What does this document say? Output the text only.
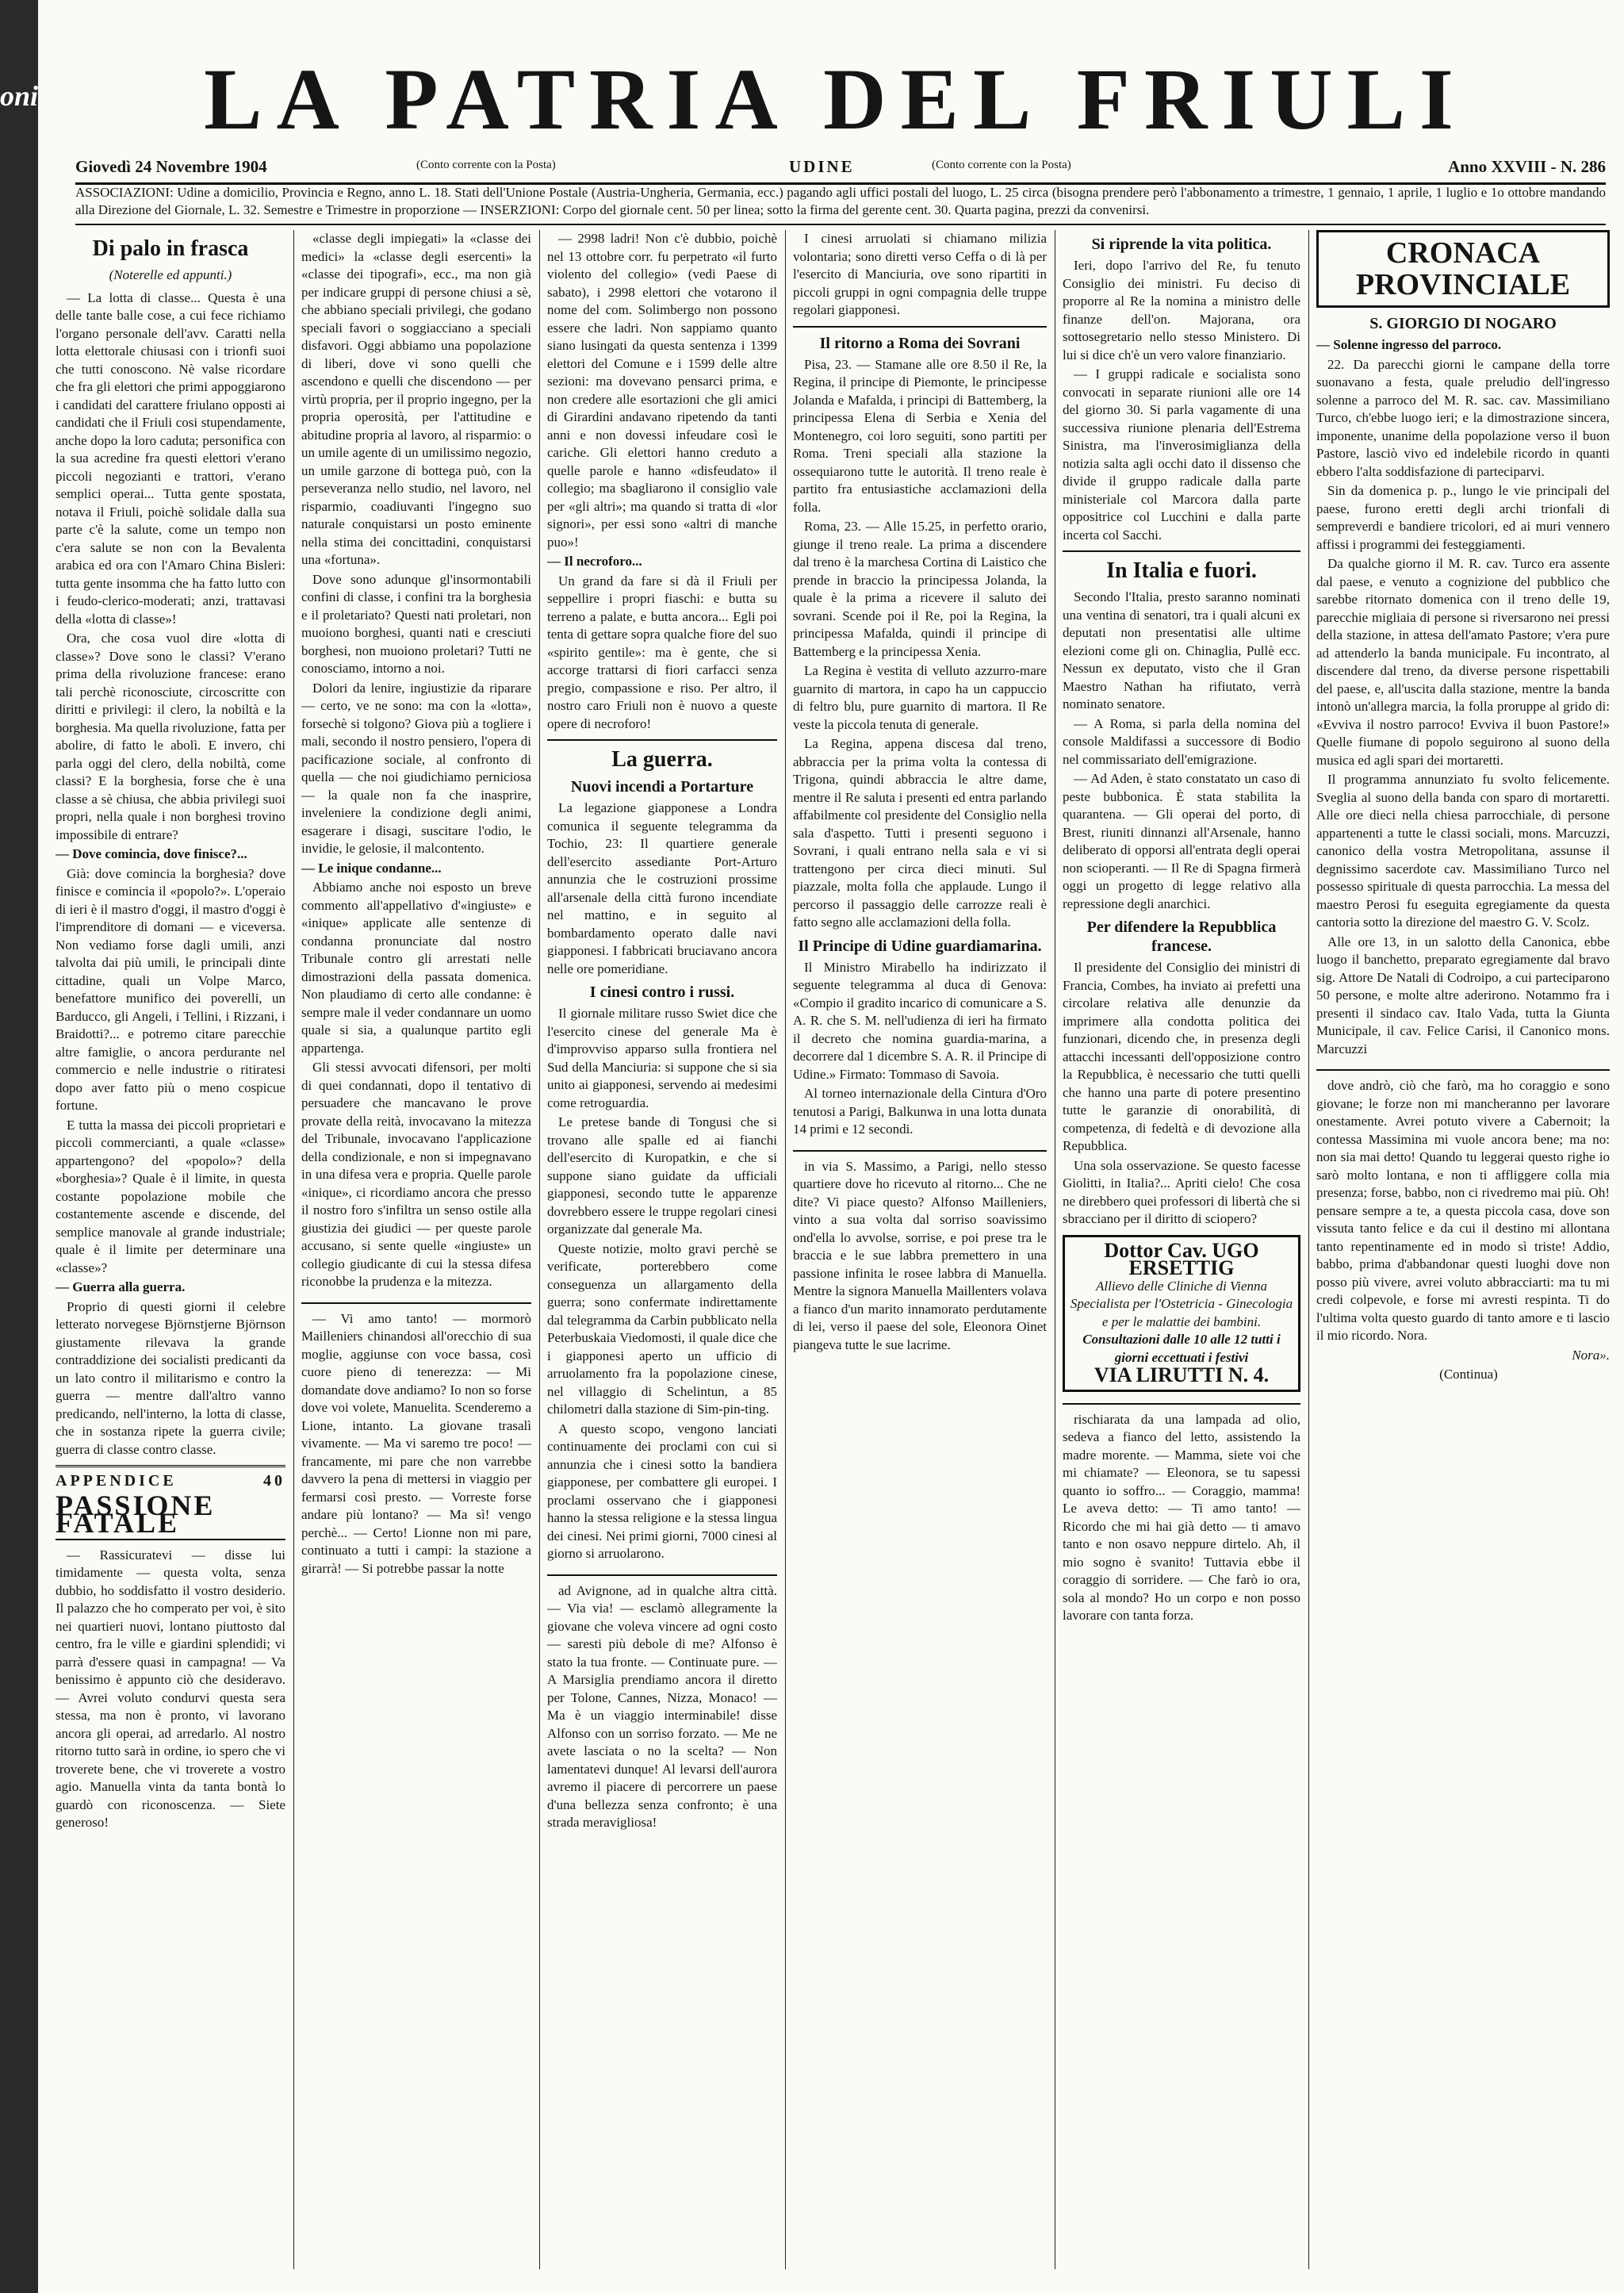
oni	LA PATRIA DEL FRIULI
Giovedì 24 Novembre 1904	(Conto corrente con la Posta)	UDINE	(Conto corrente con la Posta)	Anno XXVIII - N. 286
ASSOCIAZIONI: Udine a domicilio, Provincia e Regno, anno L. 18. Stati dell'Unione Postale (Austria-Ungheria, Germania, ecc.) pagando agli uffici postali del luogo, L. 25 circa (bisogna prendere però l'abbonamento a trimestre, 1 gennaio, 1 aprile, 1 luglio e 1o ottobre mandando alla Direzione del Giornale, L. 32. Semestre e Trimestre in proporzione — INSERZIONI: Corpo del giornale cent. 50 per linea; sotto la firma del gerente cent. 30. Quarta pagina, prezzi da convenirsi.
Di palo in frasca
(Noterelle ed appunti.)

— La lotta di classe... Questa è una delle tante balle cose, a cui fece richiamo l'organo personale dell'avv. Caratti nella lotta elettorale chiusasi con i trionfi suoi che tutti conoscono. Nè valse ricordare che fra gli elettori che primi appoggiarono i candidati del carattere friulano opposti ai candidati che il Friuli cosi stupendamente, anche dopo la loro caduta; personifica con la sua acredine fra questi elettori v'erano piccoli negozianti e trattori, v'erano semplici operai... Tutta gente spostata, notava il Friuli, poichè solidale dalla sua parte c'è la salute, come un tempo non c'era salute se non con la Bevalenta arabica ed ora con l'Amaro China Bisleri: tutta gente insomma che ha fatto lutto con i feudo-clerico-moderati; anzi, trattavasi della «lotta di classe»!

Ora, che cosa vuol dire «lotta di classe»? Dove sono le classi? V'erano prima della rivoluzione francese: erano tali perchè riconosciute, circoscritte con diritti e privilegi: il clero, la nobiltà e la borghesia. Ma quella rivoluzione, fatta per abolire, di fatto le abolì. E invero, chi parla oggi del clero, della nobiltà, come classi? E la borghesia, forse che è una classe a sè chiusa, che abbia privilegi suoi propri, nella quale i non borghesi trovino impossibile di entrare?

— Dove comincia, dove finisce?...

Già: dove comincia la borghesia? dove finisce e comincia il «popolo?». L'operaio di ieri è il mastro d'oggi, il mastro d'oggi è l'imprenditore di domani — e viceversa. Non vediamo forse dagli umili, anzi talvolta dai più umili, le principali dinte cittadine, quali un Volpe Marco, benefattore munifico dei poverelli, un Barducco, gli Angeli, i Tellini, i Rizzani, i Braidotti?... e potremo citare parecchie altre famiglie, o ancora perdurante nel commercio e nelle industrie o ritiratesi dopo aver fatto più o meno cospicue fortune.

E tutta la massa dei piccoli proprietari e piccoli commercianti, a quale «classe» appartengono? del «popolo»? della «borghesia»? Quale è il limite, in questa costante popolazione mobile che costantemente ascende e discende, del semplice manovale al grande industriale; quale è il limite per determinare una «classe»?

— Guerra alla guerra.

Proprio di questi giorni il celebre letterato norvegese Björnstjerne Björnson giustamente rilevava la grande contraddizione dei socialisti predicanti da un lato contro il militarismo e contro la guerra — mentre dall'altro vanno predicando, nell'interno, la lotta di classe, che in sostanza ripete la guerra civile; guerra di classe contro classe.

APPENDICE	40
PASSIONE FATALE

— Rassicuratevi — disse lui timidamente — questa volta, senza dubbio, ho soddisfatto il vostro desiderio. Il palazzo che ho comperato per voi, è sito nei quartieri nuovi, lontano piuttosto dal centro, fra le ville e giardini splendidi; vi parrà d'essere quasi in campagna! — Va benissimo è appunto ciò che desideravo. — Avrei voluto condurvi questa sera stessa, ma non è pronto, vi lavorano ancora gli operai, ad arredarlo. Al nostro ritorno tutto sarà in ordine, io spero che vi troverete bene, che vi troverete a vostro agio. Manuella vinta da tanta bontà lo guardò con riconoscenza. — Siete generoso!

«classe degli impiegati» la «classe dei medici» la «classe degli esercenti» la «classe dei tipografi», ecc., ma non già per indicare gruppi di persone chiusi a sè, che abbiano speciali privilegi, che godano speciali favori o soggiacciano a speciali disfavori. Oggi abbiamo una popolazione di liberi, dove vi sono quelli che ascendono e quelli che discendono — per virtù propria, per il proprio ingegno, per la propria operosità, per l'attitudine e abitudine propria al lavoro, al risparmio: o un umile agente di un umilissimo negozio, un umile garzone di bottega può, con la perseveranza nello studio, nel lavoro, nel risparmio, coadiuvanti l'ingegno suo naturale conquistarsi un posto eminente nella stima dei concittadini, conquistarsi una «fortuna».

Dove sono adunque gl'insormontabili confini di classe, i confini tra la borghesia e il proletariato? Questi nati proletari, non muoiono borghesi, quanti nati e cresciuti borghesi, non muoiono proletari? Tutti ne conosciamo, intorno a noi.

Dolori da lenire, ingiustizie da riparare — certo, ve ne sono: ma con la «lotta», forsechè si tolgono? Giova più a togliere i mali, secondo il nostro pensiero, l'opera di pacificazione sociale, al confronto di quella — che noi giudichiamo perniciosa — la quale non fa che inasprire, inveleniere la condizione degli animi, esagerare i disagi, suscitare l'odio, le invidie, le gelosie, il malcontento.

— Le inique condanne...

Abbiamo anche noi esposto un breve commento all'appellativo d'«ingiuste» e «inique» applicate alle sentenze di condanna pronunciate dal nostro Tribunale contro gli arrestati nelle dimostrazioni della passata domenica. Non plaudiamo di certo alle condanne: è sempre male il veder condannare un uomo quale si sia, a qualunque partito egli appartenga.

Gli stessi avvocati difensori, per molti di quei condannati, dopo il tentativo di persuadere che mancavano le prove provate della reità, invocavano la mitezza del Tribunale, invocavano l'applicazione della condizionale, e non si impegnavano in una difesa vera e propria. Quelle parole «inique», ci ricordiamo ancora che presso il nostro foro s'infiltra un senso ostile alla giustizia dei giudici — per queste parole accusano, si sente quelle «ingiuste» un collegio giudicante di cui la stessa difesa riconobbe la prudenza e la mitezza.

— Vi amo tanto! — mormorò Mailleniers chinandosi all'orecchio di sua moglie, aggiunse con voce bassa, così cuore pieno di tenerezza: — Mi domandate dove andiamo? Io non so forse dove voi volete, Manuelita. Scenderemo a Lione, intanto. La giovane trasalì vivamente. — Ma vi saremo tre poco! — francamente, mi pare che non varrebbe davvero la pena di mettersi in viaggio per fermarsi così presto. — Vorreste forse andare più lontano? — Ma sì! vengo perchè... — Certo! Lionne non mi pare, continuato a tutti i campi: la stazione a girarrà! — Si potrebbe passar la notte

— 2998 ladri! Non c'è dubbio, poichè nel 13 ottobre corr. fu perpetrato «il furto violento del collegio» (vedi Paese di sabato), i 2998 elettori che votarono il nome del com. Solimbergo non possono essere che ladri. Non sappiamo quanto siano lusingati da questa sentenza i 1399 elettori del Comune e i 1599 delle altre sezioni: ma dovevano pensarci prima, e non credere alle esortazioni che gli amici di Girardini andavano ripetendo da tanti anni e non dovessi infeudare così le cariche. Gli elettori hanno creduto a quelle parole e hanno «disfeudato» il collegio; ma sbagliarono il consiglio vale per «gli altri»; ma quando si tratta di «lor signori», per essi sono «altri di manche puo»!

— Il necroforo...

Un grand da fare si dà il Friuli per seppellire i propri fiaschi: e butta su terreno a palate, e butta ancora... Egli poi tenta di gettare sopra qualche fiore del suo «spirito gentile»: ma è gente, che si accorge trattarsi di fiori carfacci senza pregio, compassione e riso. Per altro, il nostro caro Friuli non è nuovo a queste opere di necroforo!

La guerra.
Nuovi incendi a Portarture

La legazione giapponese a Londra comunica il seguente telegramma da Tochio, 23: Il quartiere generale dell'esercito assediante Port-Arturo annunzia che le costruzioni prossime all'arsenale della città furono incendiate nel mattino, e in seguito al bombardamento operato dalle navi giapponesi. I fabbricati bruciavano ancora nelle ore pomeridiane.

I cinesi contro i russi.

Il giornale militare russo Swiet dice che l'esercito cinese del generale Ma è d'improvviso apparso sulla frontiera nel Sud della Manciuria: si suppone che si sia unito ai giapponesi, servendo ai medesimi come retroguardia.

Le pretese bande di Tongusi che si trovano alle spalle ed ai fianchi dell'esercito di Kuropatkin, e che si suppone siano guidate da ufficiali giapponesi, secondo tutte le apparenze dovrebbero essere le truppe regolari cinesi organizzate dal generale Ma.

Queste notizie, molto gravi perchè se verificate, porterebbero come conseguenza un allargamento della guerra; sono confermate indirettamente dal telegramma da Carbin pubblicato nella Peterbuskaia Viedomosti, il quale dice che i giapponesi aperto un ufficio di arruolamento fra la popolazione cinese, nel villaggio di Schelintun, a 85 chilometri dalla stazione di Sim-pin-ting.

A questo scopo, vengono lanciati continuamente dei proclami con cui si annunzia che i cinesi sotto la bandiera giapponese, per combattere gli europei. I proclami osservano che i giapponesi hanno la stessa religione e la stessa lingua dei cinesi. Nei primi giorni, 7000 cinesi al giorno si arruolarono.

ad Avignone, ad in qualche altra città. — Via via! — esclamò allegramente la giovane che voleva vincere ad ogni costo — saresti più debole di me? Alfonso è stato la tua fronte. — Continuate pure. — A Marsiglia prendiamo ancora il diretto per Tolone, Cannes, Nizza, Monaco! — Ma è un viaggio interminabile! disse Alfonso con un sorriso forzato. — Me ne avete lasciata o no la scelta? — Non lamentatevi dunque! Al levarsi dell'aurora avremo il piacere di percorrere un paese d'una bellezza senza confronto; è una strada meravigliosa!

I cinesi arruolati si chiamano milizia volontaria; sono diretti verso Ceffa o di là per l'esercito di Manciuria, ove sono ripartiti in piccoli gruppi in ogni compagnia delle truppe regolari giapponesi.

Il ritorno a Roma dei Sovrani

Pisa, 23. — Stamane alle ore 8.50 il Re, la Regina, il principe di Piemonte, le principesse Jolanda e Mafalda, i principi di Battemberg, la principessa Elena di Serbia e Xenia del Montenegro, coi loro seguiti, sono partiti per Roma. Treni speciali alla stazione la ossequiarono tutte le autorità. Il treno reale è partito fra entusiastiche acclamazioni della folla.

Roma, 23. — Alle 15.25, in perfetto orario, giunge il treno reale. La prima a discendere dal treno è la marchesa Cortina di Laistico che prende in braccio la principessa Jolanda, la quale è la prima a ricevere il saluto dei sovrani. Scende poi il Re, poi la Regina, la principessa Mafalda, quindi il principe di Battemberg e la principessa Xenia.

La Regina è vestita di velluto azzurro-mare guarnito di martora, in capo ha un cappuccio di feltro blu, pure guarnito di martora. Il Re veste la piccola tenuta di generale.

La Regina, appena discesa dal treno, abbraccia per la prima volta la contessa di Trigona, quindi abbraccia le altre dame, mentre il Re saluta i presenti ed entra parlando affabilmente col presidente del Consiglio nella sala d'aspetto. Tutti i presenti seguono i Sovrani, i quali entrano nella sala e vi si trattengono per circa dieci minuti. Sul piazzale, molta folla che applaude. Lungo il percorso il passaggio delle carrozze reali è fatto segno alle acclamazioni della folla.

Il Principe di Udine guardiamarina.

Il Ministro Mirabello ha indirizzato il seguente telegramma al duca di Genova: «Compio il gradito incarico di comunicare a S. A. R. che S. M. nell'udienza di ieri ha firmato il decreto che nomina guardia-marina, a decorrere dal 1 dicembre S. A. R. il Principe di Udine.» Firmato: Tommaso di Savoia.

Al torneo internazionale della Cintura d'Oro tenutosi a Parigi, Balkunwa in una lotta dunata 14 primi e 12 secondi.

in via S. Massimo, a Parigi, nello stesso quartiere dove ho ricevuto al ritorno... Che ne dite? Vi piace questo? Alfonso Mailleniers, vinto a sua volta dal sorriso soavissimo ond'ella lo avvolse, sorrise, e poi prese tra le braccia e le sue labbra premettero in una passione infinita le rosee labbra di Manuella. Mentre la signora Manuella Maillenters volava a fianco d'un marito innamorato perdutamente di lei, verso il paese del sole, Eleonora Oinet piangeva tutte le sue lacrime.

Si riprende la vita politica.

Ieri, dopo l'arrivo del Re, fu tenuto Consiglio dei ministri. Fu deciso di proporre al Re la nomina a ministro delle finanze dell'on. Majorana, ora sottosegretario nello stesso Ministero. Di lui si dice ch'è un vero valore finanziario.

— I gruppi radicale e socialista sono convocati in separate riunioni alle ore 14 del giorno 30. Si parla vagamente di una successiva riunione plenaria dell'Estrema Sinistra, ma l'inverosimiglianza della notizia salta agli occhi dato il dissenso che divide il gruppo radicale dalla parte ministeriale col Marcora dalla parte oppositrice col Lucchini e dalla parte incerta col Sacchi.

In Italia e fuori.

Secondo l'Italia, presto saranno nominati una ventina di senatori, tra i quali alcuni ex deputati non presentatisi alle ultime elezioni come gli on. Chinaglia, Pullè ecc. Nessun ex deputato, visto che il Gran Maestro Nathan ha rifiutato, verrà nominato senatore.

— A Roma, si parla della nomina del console Maldifassi a successore di Bodio nel commissariato dell'emigrazione.

— Ad Aden, è stato constatato un caso di peste bubbonica. È stata stabilita la quarantena. — Gli operai del porto, di Brest, riuniti dinnanzi all'Arsenale, hanno deliberato di opporsi all'entrata degli operai non scioperanti. — Il Re di Spagna firmerà oggi un progetto di legge relativo alla repressione degli anarchici.

Per difendere la Repubblica
francese.

Il presidente del Consiglio dei ministri di Francia, Combes, ha inviato ai prefetti una circolare relativa alle denunzie da imprimere alla condotta politica dei funzionari, dicendo che, in presenza degli attacchi incessanti dell'opposizione contro la Repubblica, è necessario che tutti quelli che hanno una parte di potere presentino tutte le garanzie di onorabilità, di competenza, di fedeltà e di devozione alla Repubblica.

Una sola osservazione. Se questo facesse Giolitti, in Italia?... Apriti cielo! Che cosa ne direbbero quei professori di libertà che si sbracciano per il diritto di sciopero?

Dottor Cav. UGO ERSETTIG
Allievo delle Cliniche di Vienna
Specialista per l'Ostetricia - Ginecologia e per le malattie dei bambini.
Consultazioni dalle 10 alle 12 tutti i giorni eccettuati i festivi
VIA LIRUTTI N. 4.

rischiarata da una lampada ad olio, sedeva a fianco del letto, assistendo la madre morente. — Mamma, siete voi che mi chiamate? — Eleonora, se tu sapessi quanto io soffro... — Coraggio, mamma! Le aveva detto: — Ti amo tanto! — Ricordo che mi hai già detto — ti amavo tanto e non osavo neppure dirtelo. Ah, il mio sogno è svanito! Tuttavia ebbe il coraggio di sorridere. — Che farò io ora, sola al mondo? Ho un corpo e non posso lavorare con tanta forza.

CRONACA PROVINCIALE
S. GIORGIO DI NOGARO

— Solenne ingresso del parroco.

22. Da parecchi giorni le campane della torre suonavano a festa, quale preludio dell'ingresso solenne a parroco del M. R. sac. cav. Massimiliano Turco, ch'ebbe luogo ieri; e la dimostrazione sincera, imponente, unanime della popolazione verso il buon Pastore, lasciò vivo ed indelebile ricordo in quanti ebbero l'alta soddisfazione di parteciparvi.

Sin da domenica p. p., lungo le vie principali del paese, furono eretti degli archi trionfali di sempreverdi e bandiere tricolori, ed ai muri vennero affissi i programmi dei festeggiamenti.

Da qualche giorno il M. R. cav. Turco era assente dal paese, e venuto a cognizione del pubblico che sarebbe ritornato domenica con il treno delle 19, parecchie migliaia di persone si riversarono nei pressi della stazione, in attesa dell'amato Pastore; v'era pure ad attenderlo la banda municipale. Fu incontrato, al discendere dal treno, da diverse persone rispettabili del paese, e, all'uscita dalla stazione, mentre la banda intonò un'allegra marcia, la folla proruppe al grido di: «Evviva il nostro parroco! Evviva il buon Pastore!» Quelle fiumane di popolo seguirono al suono della musica ed agli spari dei mortaretti.

Il programma annunziato fu svolto felicemente. Sveglia al suono della banda con sparo di mortaretti. Alle ore dieci nella chiesa parrocchiale, di persone appartenenti a tutte le classi sociali, mons. Marcuzzi, canonico della vostra Metropolitana, assunse il degnissimo sacerdote cav. Massimiliano Turco nel possesso spirituale di questa parrocchia. La messa del maestro Perosi fu eseguita egregiamente da questa cantoria sotto la direzione del maestro G. V. Scolz.

Alle ore 13, in un salotto della Canonica, ebbe luogo il banchetto, preparato egregiamente dal bravo sig. Attore De Natali di Codroipo, a cui parteciparono 50 persone, e molte altre aderirono. Notammo fra i presenti il sindaco cav. Italo Vada, tutta la Giunta Municipale, il cav. Felice Carisi, il Canonico mons. Marcuzzi

dove andrò, ciò che farò, ma ho coraggio e sono giovane; le forze non mi mancheranno per lavorare onestamente. Avrei potuto vivere a Cabernoit; la contessa Massimina mi vuole ancora bene; ma no: non sia mai detto! Quando tu leggerai questo righe io sarò molto lontana, e non ti affliggere colla mia presenza; forse, babbo, non ci rivedremo mai più. Oh! pensare sempre a te, a questa piccola casa, dove son vissuta tanto felice e da cui il destino mi allontana tanto repentinamente ed in modo sì triste! Addio, babbo, prima d'abbandonar questi luoghi dove non posso più vivere, avrei voluto abbracciarti: ma tu mi credi colpevole, e forse mi avresti respinta. Ti do l'ultima volta questo guardo di tanto amore e ti lascio il mio ricordo. Nora.

Nora».

(Continua)
